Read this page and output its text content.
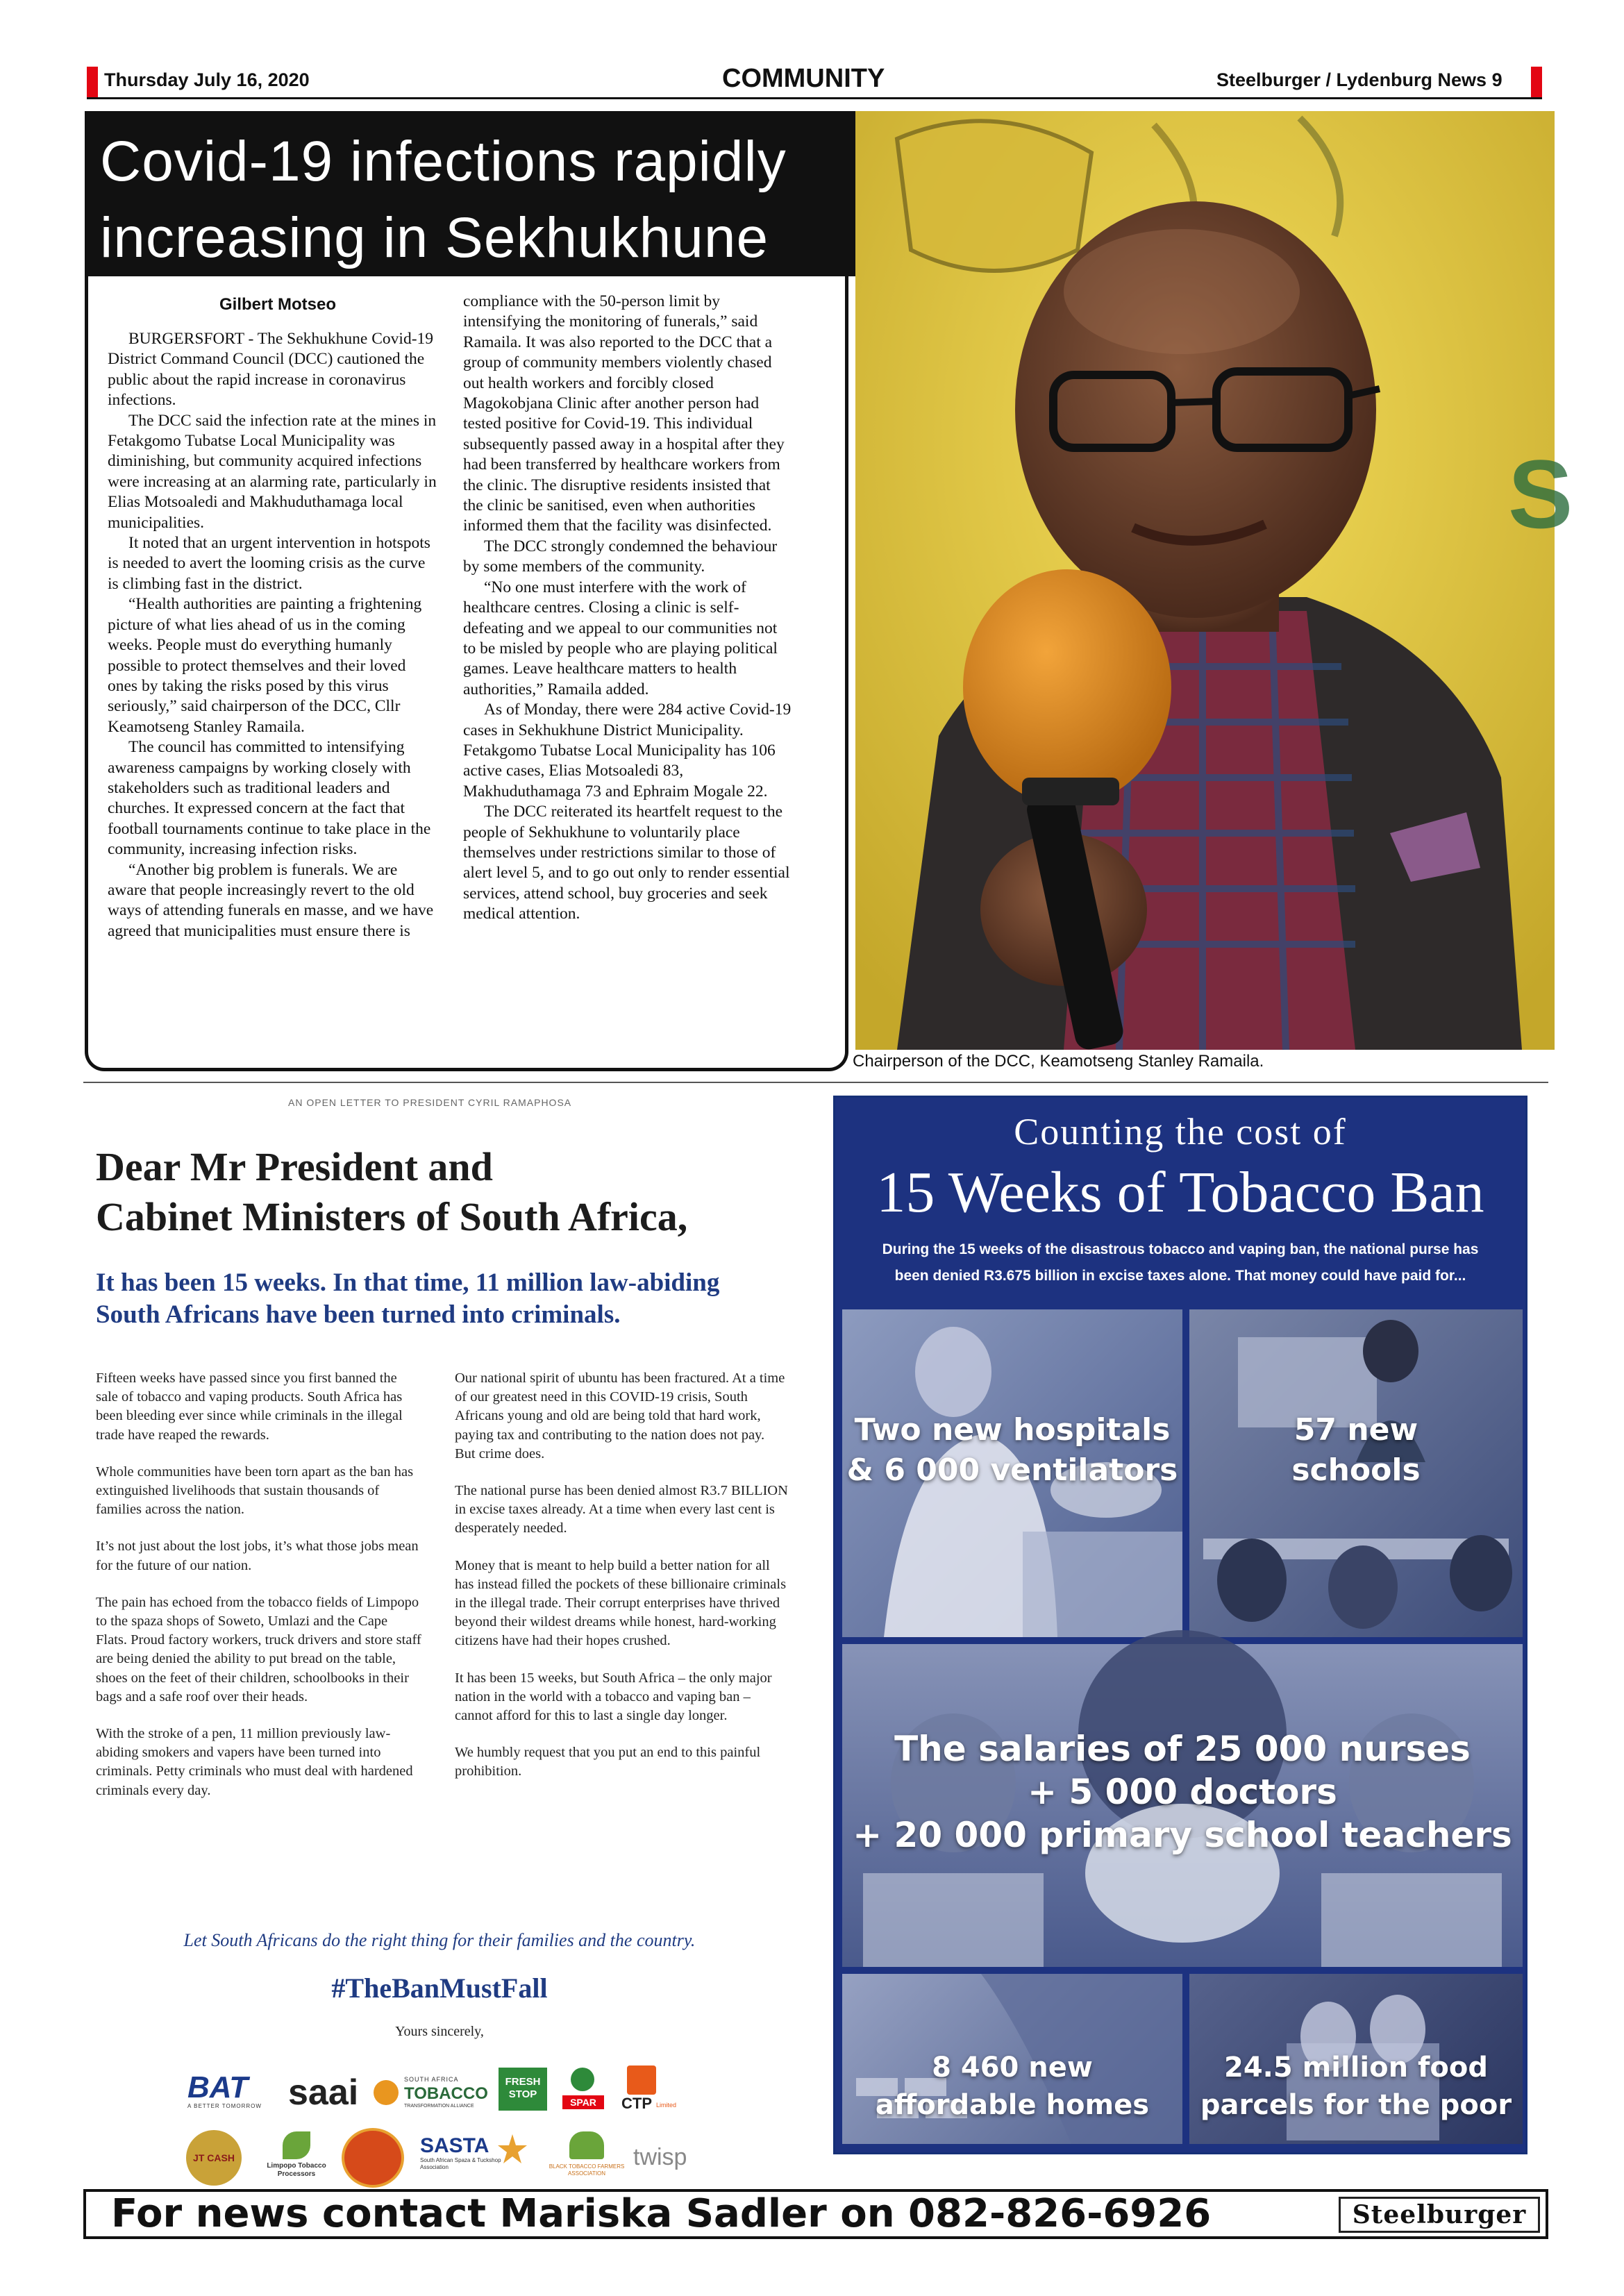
Thursday July 16, 2020	COMMUNITY	Steelburger / Lydenburg News 9
Covid-19 infections rapidly
increasing in Sekhukhune
Gilbert Motseo

BURGERSFORT - The Sekhukhune Covid-19 District Command Council (DCC) cautioned the public about the rapid increase in coronavirus infections.

The DCC said the infection rate at the mines in Fetakgomo Tubatse Local Municipality was diminishing, but community acquired infections were increasing at an alarming rate, particularly in Elias Motsoaledi and Makhuduthamaga local municipalities.

It noted that an urgent intervention in hotspots is needed to avert the looming crisis as the curve is climbing fast in the district.

“Health authorities are painting a frightening picture of what lies ahead of us in the coming weeks. People must do everything humanly possible to protect themselves and their loved ones by taking the risks posed by this virus seriously,” said chairperson of the DCC, Cllr Keamotseng Stanley Ramaila.

The council has committed to intensifying awareness campaigns by working closely with stakeholders such as traditional leaders and churches. It expressed concern at the fact that football tournaments continue to take place in the community, increasing infection risks.

“Another big problem is funerals. We are aware that people increasingly revert to the old ways of attending funerals en masse, and we have agreed that municipalities must ensure there is

compliance with the 50-person limit by intensifying the monitoring of funerals,” said Ramaila. It was also reported to the DCC that a group of community members violently chased out health workers and forcibly closed Magokobjana Clinic after another person had tested positive for Covid-19. This individual subsequently passed away in a hospital after they had been transferred by healthcare workers from the clinic. The disruptive residents insisted that the clinic be sanitised, even when authorities informed them that the facility was disinfected.

The DCC strongly condemned the behaviour by some members of the community.

“No one must interfere with the work of healthcare centres. Closing a clinic is self-defeating and we appeal to our communities not to be misled by people who are playing political games. Leave healthcare matters to health authorities,” Ramaila added.

As of Monday, there were 284 active Covid-19 cases in Sekhukhune District Municipality. Fetakgomo Tubatse Local Municipality has 106 active cases, Elias Motsoaledi 83, Makhuduthamaga 73 and Ephraim Mogale 22.

The DCC reiterated its heartfelt request to the people of Sekhukhune to voluntarily place themselves under restrictions similar to those of alert level 5, and to go out only to render essential services, attend school, buy groceries and seek medical attention.

S
Chairperson of the DCC, Keamotseng Stanley Ramaila.
AN OPEN LETTER TO PRESIDENT CYRIL RAMAPHOSA
Dear Mr President and
Cabinet Ministers of South Africa,
It has been 15 weeks. In that time, 11 million law-abiding
South Africans have been turned into criminals.

Fifteen weeks have passed since you first banned the sale of tobacco and vaping products. South Africa has been bleeding ever since while criminals in the illegal trade have reaped the rewards.

Whole communities have been torn apart as the ban has extinguished livelihoods that sustain thousands of families across the nation.

It’s not just about the lost jobs, it’s what those jobs mean for the future of our nation.

The pain has echoed from the tobacco fields of Limpopo to the spaza shops of Soweto, Umlazi and the Cape Flats. Proud factory workers, truck drivers and store staff are being denied the ability to put bread on the table, shoes on the feet of their children, schoolbooks in their bags and a safe roof over their heads.

With the stroke of a pen, 11 million previously law-abiding smokers and vapers have been turned into criminals. Petty criminals who must deal with hardened criminals every day.

Our national spirit of ubuntu has been fractured. At a time of our greatest need in this COVID-19 crisis, South Africans young and old are being told that hard work, paying tax and contributing to the nation does not pay. But crime does.

The national purse has been denied almost R3.7 BILLION in excise taxes already. At a time when every last cent is desperately needed.

Money that is meant to help build a better nation for all has instead filled the pockets of these billionaire criminals in the illegal trade. Their corrupt enterprises have thrived beyond their wildest dreams while honest, hard-working citizens have had their hopes crushed.

It has been 15 weeks, but South Africa – the only major nation in the world with a tobacco and vaping ban – cannot afford for this to last a single day longer.

We humbly request that you put an end to this painful prohibition.

Let South Africans do the right thing for their families and the country.
#TheBanMustFall
Yours sincerely,
BAT
A BETTER TOMORROW saai	SOUTH AFRICA
TOBACCO
TRANSFORMATION ALLIANCE
FRESH STOP
SPAR	CTP Limited
JT CASH
Limpopo Tobacco Processors
SASTA
South African Spaza & Tuckshop Association	BLACK TOBACCO FARMERS ASSOCIATION
twisp
Counting the cost of
15 Weeks of Tobacco Ban
During the 15 weeks of the disastrous tobacco and vaping ban, the national purse has
been denied R3.675 billion in excise taxes alone. That money could have paid for...
Two new hospitals
& 6 000 ventilators
57 new
schools
The salaries of 25 000 nurses
+ 5 000 doctors
+ 20 000 primary school teachers
8 460 new
affordable homes
24.5 million food
parcels for the poor
For news contact Mariska Sadler on 082-826-6926	Steelburger
